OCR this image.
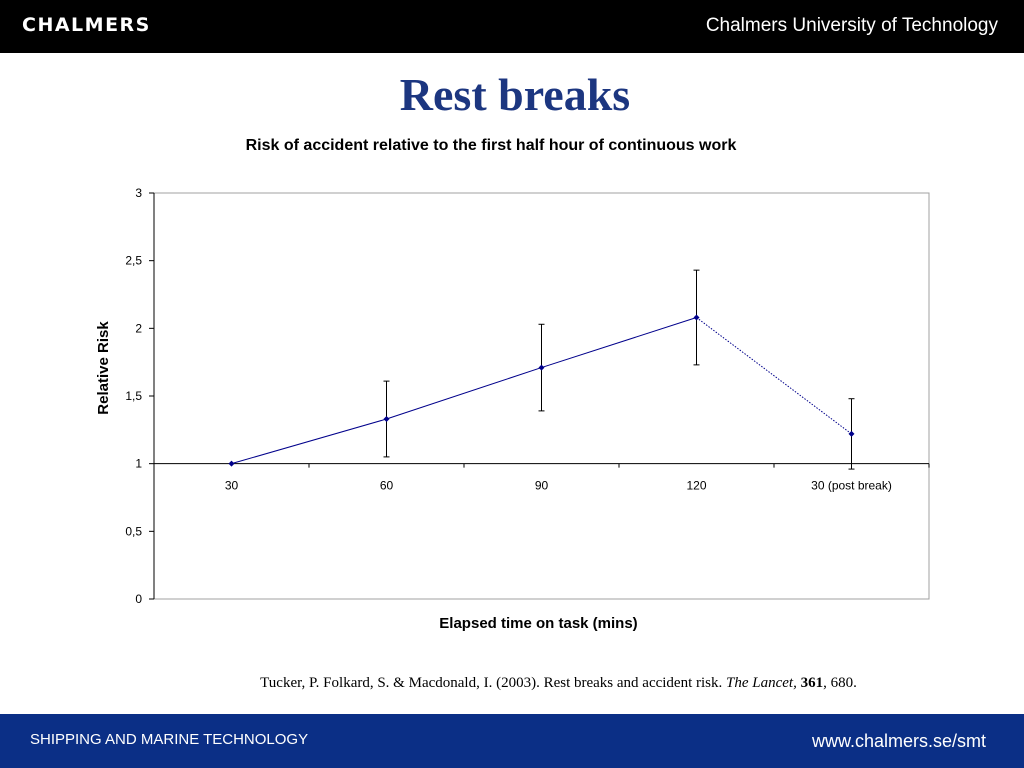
CHALMERS	Chalmers University of Technology
Rest breaks
Risk of accident relative to the first half hour of continuous work
0
0,5
1
1,5
2
2,5
3
30	60	90	120	30 (post break)
Elapsed time on task (mins)
Relative Risk
Tucker, P. Folkard, S. & Macdonald, I. (2003). Rest breaks and accident risk. The Lancet, 361, 680.
SHIPPING AND MARINE TECHNOLOGY	www.chalmers.se/smt
